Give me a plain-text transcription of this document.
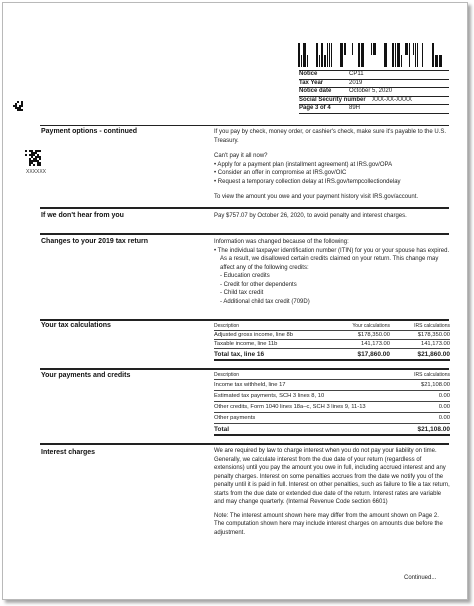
XXXXXX
Notice	CP11
Tax Year	2019
Notice date	October 5, 2020
Social Security number	XXX-XX-XXXX
Page 3 of 4	89H
Payment options - continued	If you pay by check, money order, or cashier's check, make sure it's payable to the U.S. Treasury.

Can't pay it all now?

• Apply for a payment plan (installment agreement) at IRS.gov/OPA
• Consider an offer in compromise at IRS.gov/OIC
• Request a temporary collection delay at IRS.gov/tempcollectiondelay

To view the amount you owe and your payment history visit IRS.gov/account.

If we don't hear from you	Pay $757.07 by October 26, 2020, to avoid penalty and interest charges.
Changes to your 2019 tax return	Information was changed because of the following:

• The individual taxpayer identification number (ITIN) for you or your spouse has expired. As a result, we disallowed certain credits claimed on your return. This change may affect any of the following credits:
- Education credits
- Credit for other dependents
- Child tax credit
- Additional child tax credit (709D)
Your tax calculations	Description	Your calculations	IRS calculations
Adjusted gross income, line 8b	$178,350.00	$178,350.00
Taxable income, line 11b	141,173.00	141,173.00
Total tax, line 16	$17,860.00	$21,860.00
Your payments and credits	Description	IRS calculations
Income tax withheld, line 17	$21,108.00
Estimated tax payments, SCH 3 lines 8, 10	0.00
Other credits, Form 1040 lines 18a–c, SCH 3 lines 9, 11-13	0.00
Other payments	0.00
Total	$21,108.00
Interest charges	We are required by law to charge interest when you do not pay your liability on time. Generally, we calculate interest from the due date of your return (regardless of extensions) until you pay the amount you owe in full, including accrued interest and any penalty charges. Interest on some penalties accrues from the date we notify you of the penalty until it is paid in full. Interest on other penalties, such as failure to file a tax return, starts from the due date or extended due date of the return. Interest rates are variable and may change quarterly. (Internal Revenue Code section 6601)

Note: The interest amount shown here may differ from the amount shown on Page 2. The computation shown here may include interest charges on amounts due before the adjustment.

Continued...
